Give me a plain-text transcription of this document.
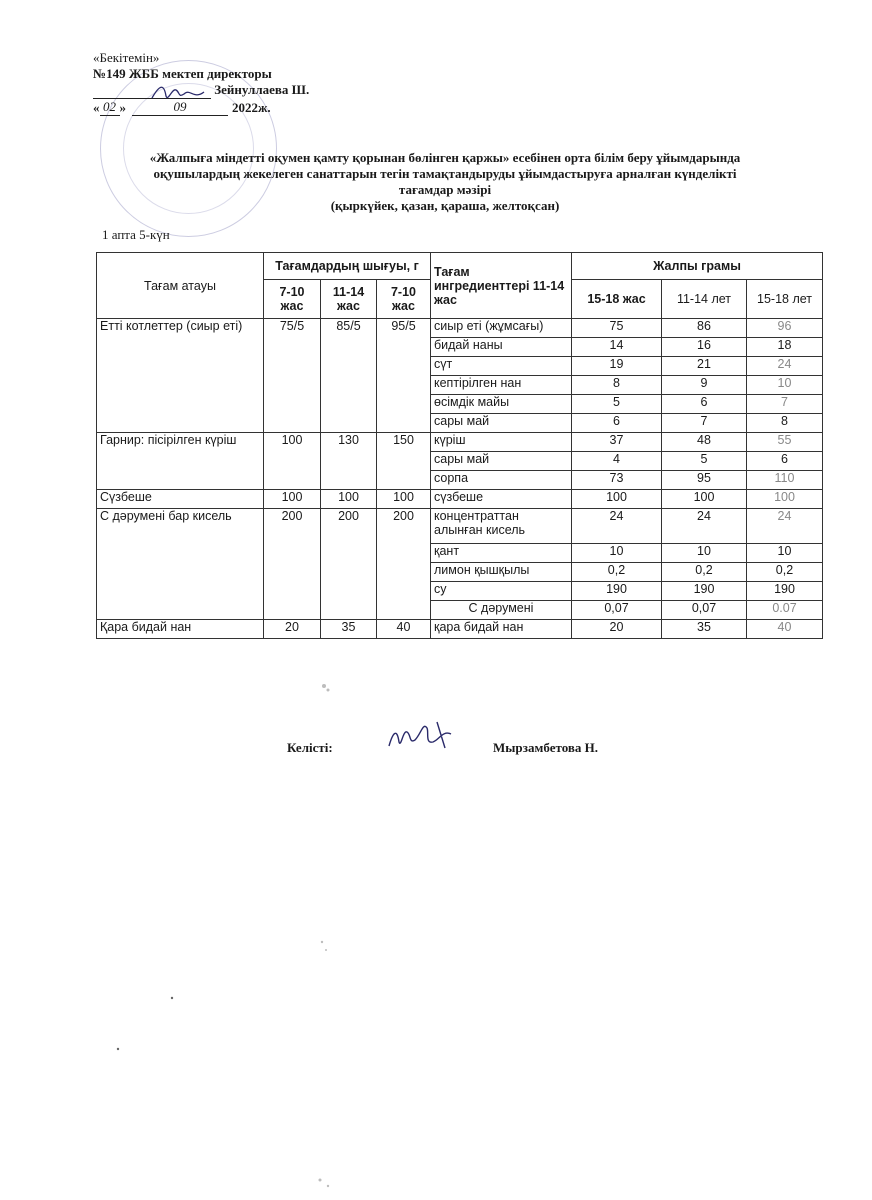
«Бекітемін»
№149 ЖББ мектеп директоры
Зейнуллаева Ш.
« 02 »	09	2022ж.
«Жалпыға міндетті оқумен қамту қорынан бөлінген қаржы» есебінен орта білім беру ұйымдарында
оқушылардың жекелеген санаттарын тегін тамақтандыруды ұйымдастыруға арналған күнделікті
тағамдар мәзірі
(қыркүйек, қазан, қараша, желтоқсан)
1 апта 5-күн
Тағам атауы	Тағамдардың шығуы, г			Тағам ингредиенттері 11-14 жас	Жалпы грамы		
	7-10 жас	11-14 жас	7-10 жас		15-18 жас	11-14 лет	15-18 лет
Етті котлеттер (сиыр еті)	75/5	85/5	95/5	сиыр еті (жұмсағы)	75	86	96
				бидай наны	14	16	18
				сүт	19	21	24
				кептірілген нан	8	9	10
				өсімдік майы	5	6	7
				сары май	6	7	8
Гарнир: пісірілген күріш	100	130	150	күріш	37	48	55
				сары май	4	5	6
				сорпа	73	95	110
Сүзбеше	100	100	100	сүзбеше	100	100	100
С дәрумені бар кисель	200	200	200	концентраттан алынған кисель	24	24	24
				қант	10	10	10
				лимон қышқылы	0,2	0,2	0,2
				су	190	190	190
				С дәрумені	0,07	0,07	0.07
Қара бидай нан	20	35	40	қара бидай нан	20	35	40
Келісті:	Мырзамбетова Н.
